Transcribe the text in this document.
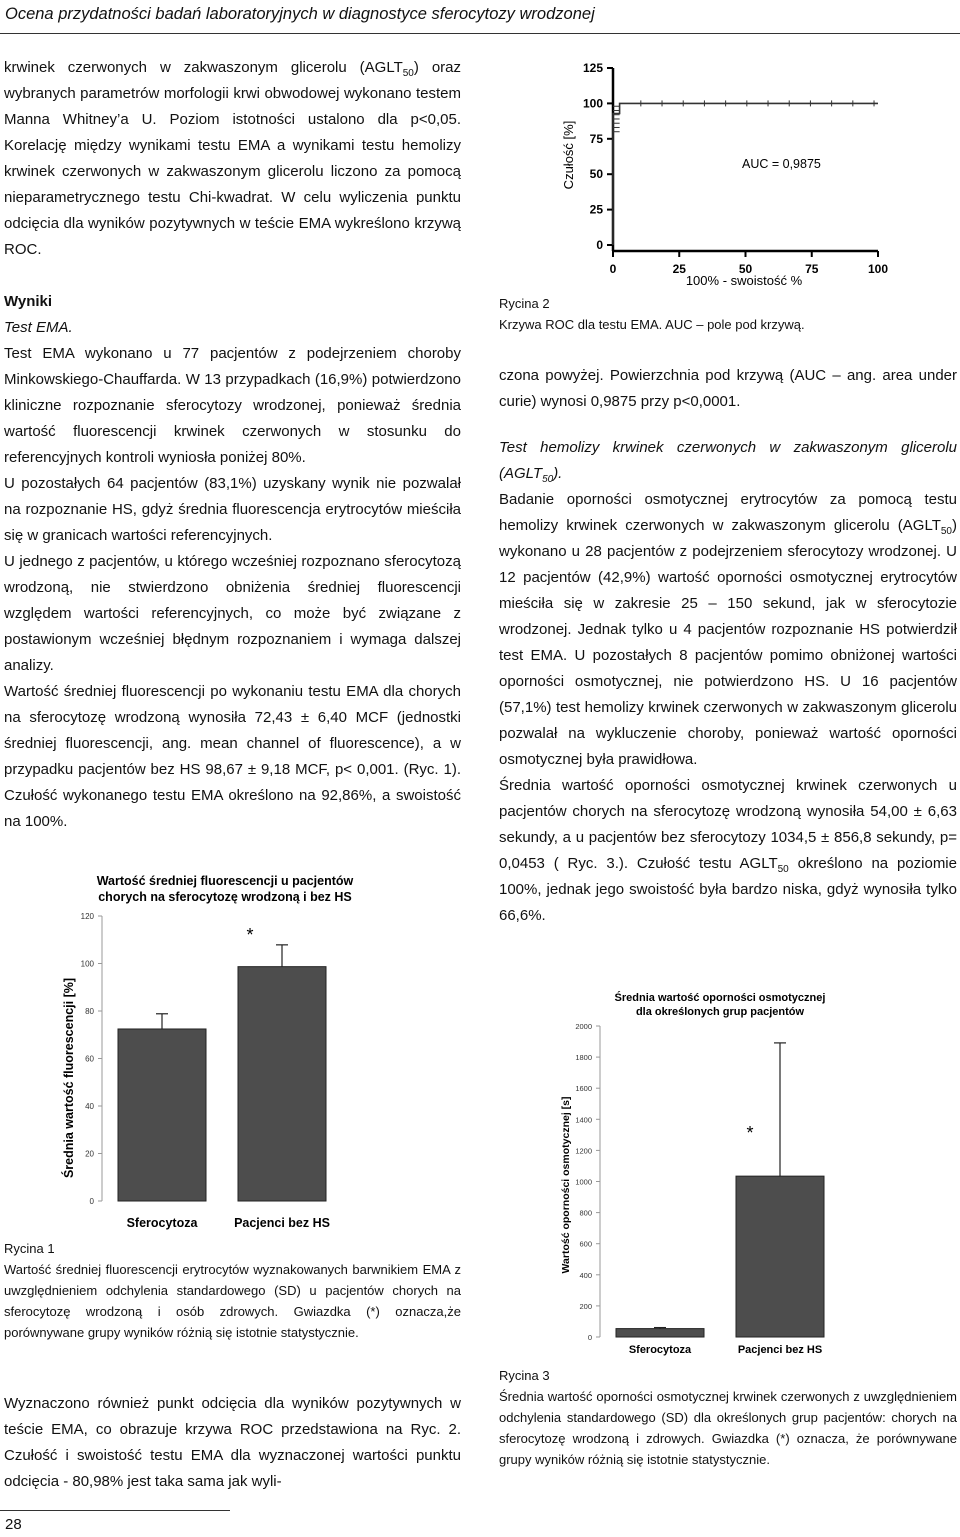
Ocena przydatności badań laboratoryjnych w diagnostyce sferocytozy wrodzonej

krwinek czerwonych w zakwaszonym glicerolu $(AGLT_{50})$ oraz wybranych parametrów morfologii krwi obwodowej wykonano testem Manna Whitney’a U. Poziom istotności ustalono dla p<0,05. Korelację między wynikami testu EMA a wynikami testu hemolizy krwinek czerwonych w zakwaszonym glicerolu liczono za pomocą nieparametrycznego testu Chi-kwadrat. W celu wyliczenia punktu odcięcia dla wyników pozytywnych w teście EMA wykreślono krzywą ROC.

Wyniki

Test EMA.

Test EMA wykonano u 77 pacjentów z podejrzeniem choroby Minkowskiego-Chauffarda. W 13 przypadkach (16,9%) potwierdzono kliniczne rozpoznanie sferocytozy wrodzonej, ponieważ średnia wartość fluorescencji krwinek czerwonych w stosunku do referencyjnych kontroli wyniosła poniżej 80%.

U pozostałych 64 pacjentów (83,1%) uzyskany wynik nie pozwalał na rozpoznanie HS, gdyż średnia fluorescencja erytrocytów mieściła się w granicach wartości referencyjnych.

U jednego z pacjentów, u którego wcześniej rozpoznano sferocytozą wrodzoną, nie stwierdzono obniżenia średniej fluorescencji względem wartości referencyjnych, co może być związane z postawionym wcześniej błędnym rozpoznaniem i wymaga dalszej analizy.

Wartość średniej fluorescencji po wykonaniu testu EMA dla chorych na sferocytozę wrodzoną wynosiła 72,43 ± 6,40 MCF (jednostki średniej fluorescencji, ang. mean channel of fluorescence), a w przypadku pacjentów bez HS 98,67 ± 9,18 MCF, p< 0,001. (Ryc. 1). Czułość wykonanego testu EMA określono na 92,86%, a swoistość na 100%.

Wartość średniej fluorescencji u pacjentów
chorych na sferocytozę wrodzoną i bez HS
0
20
40
60
80
100
120
Sferocytoza	Pacjenci bez HS
*
Średnia wartość fluorescencji [%]

Rycina 1

Wartość średniej fluorescencji erytrocytów wyznakowanych barwnikiem EMA z uwzględnieniem odchylenia standardowego (SD) u pacjentów chorych na sferocytozę wrodzoną i osób zdrowych. Gwiazdka (*) oznacza,że porównywane grupy wyników różnią się istotnie statystycznie.

Wyznaczono również punkt odcięcia dla wyników pozytywnych w teście EMA, co obrazuje krzywa ROC przedstawiona na Ryc. 2. Czułość i swoistość testu EMA dla wyznaczonej wartości punktu odcięcia - 80,98% jest taka sama jak wyli-

0
25
50
75
100
125
0	25	50	75	100
AUC = 0,9875
Czułość [%]
100% - swoistość %

Rycina 2

Krzywa ROC dla testu EMA. AUC – pole pod krzywą.

czona powyżej. Powierzchnia pod krzywą (AUC – ang. area under curie) wynosi 0,9875 przy p<0,0001.

Test hemolizy krwinek czerwonych w zakwaszonym glicerolu $(AGLT_{50})$.

Badanie oporności osmotycznej erytrocytów za pomocą testu hemolizy krwinek czerwonych w zakwaszonym glicerolu $(AGLT_{50})$ wykonano u 28 pacjentów z podejrzeniem sferocytozy wrodzonej. U 12 pacjentów (42,9%) wartość oporności osmotycznej erytrocytów mieściła się w zakresie 25 – 150 sekund, jak w sferocytozie wrodzonej. Jednak tylko u 4 pacjentów rozpoznanie HS potwierdził test EMA. U pozostałych 8 pacjentów pomimo obniżonej wartości oporności osmotycznej, nie potwierdzono HS. U 16 pacjentów (57,1%) test hemolizy krwinek czerwonych w zakwaszonym glicerolu pozwalał na wykluczenie choroby, ponieważ wartość oporności osmotycznej była prawidłowa.

Średnia wartość oporności osmotycznej krwinek czerwonych u pacjentów chorych na sferocytozę wrodzoną wynosiła 54,00 ± 6,63 sekundy, a u pacjentów bez sferocytozy 1034,5 ± 856,8 sekundy, p= 0,0453 ( Ryc. 3.). Czułość testu $AGLT_{50}$ określono na poziomie 100%, jednak jego swoistość była bardzo niska, gdyż wynosiła tylko 66,6%.

Średnia wartość oporności osmotycznej
dla określonych grup pacjentów
0
200
400
600
800
1000
1200
1400
1600
1800
2000
Sferocytoza	Pacjenci bez HS
*
Wartość oporności osmotycznej [s]

Rycina 3

Średnia wartość oporności osmotycznej krwinek czerwonych z uwzględnieniem odchylenia standardowego (SD) dla określonych grup pacjentów: chorych na sferocytozę wrodzoną i zdrowych. Gwiazdka (*) oznacza, że porównywane grupy wyników różnią się istotnie statystycznie.

28
